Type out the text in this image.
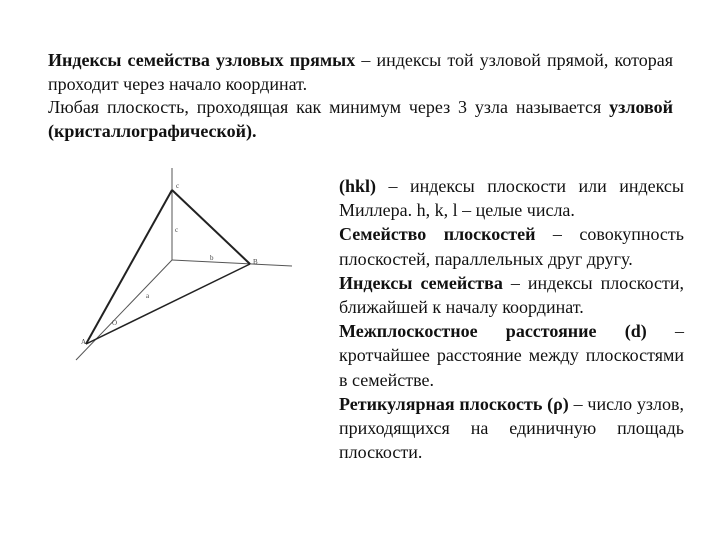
Индексы семейства узловых прямых – индексы той узловой прямой, которая проходит через начало координат.

Любая плоскость, проходящая как минимум через 3 узла называется узловой (кристаллографической).

c
c
b	B
a
A
O

(hkl) – индексы плоскости или индексы Миллера. h, k, l – целые числа.

Семейство плоскостей – совокупность плоскостей, параллельных друг другу.

Индексы семейства – индексы плоскости, ближайшей к началу координат.

Межплоскостное расстояние (d) – кротчайшее расстояние между плоскостями в семействе.

Ретикулярная плоскость (ρ) – число узлов, приходящихся на единичную площадь плоскости.
